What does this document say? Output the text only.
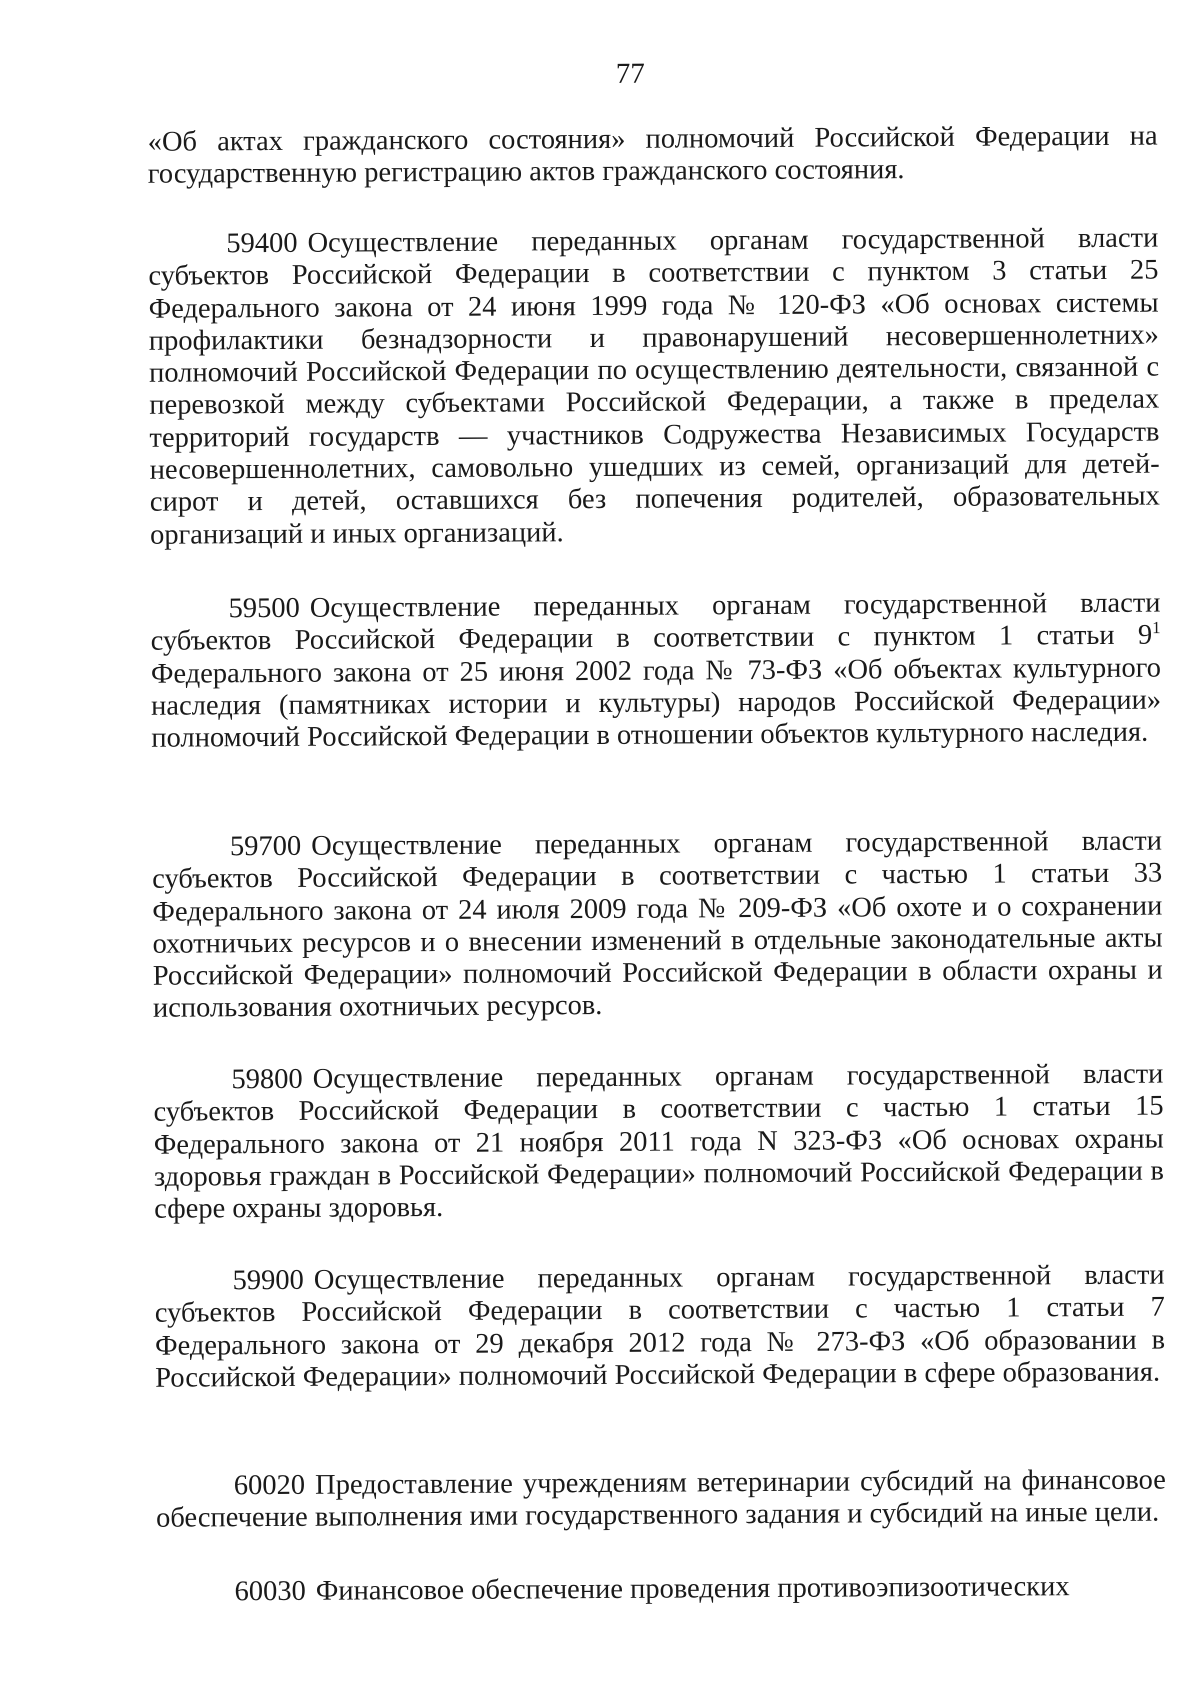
77

«Об актах гражданского состояния» полномочий Российской Федерации на государственную регистрацию актов гражданского состояния.

59400 Осуществление переданных органам государственной власти субъектов Российской Федерации в соответствии с пунктом 3 статьи 25 Федерального закона от 24 июня 1999 года № 120-ФЗ «Об основах системы профилактики безнадзорности и правонарушений несовершеннолетних» полномочий Российской Федерации по осуществлению деятельности, связанной с перевозкой между субъектами Российской Федерации, а также в пределах территорий государств — участников Содружества Независимых Государств несовершеннолетних, самовольно ушедших из семей, организаций для детей-сирот и детей, оставшихся без попечения родителей, образовательных организаций и иных организаций.

59500 Осуществление переданных органам государственной власти субъектов Российской Федерации в соответствии с пунктом 1 статьи $9^1$ Федерального закона от 25 июня 2002 года № 73-ФЗ «Об объектах культурного наследия (памятниках истории и культуры) народов Российской Федерации» полномочий Российской Федерации в отношении объектов культурного наследия.

59700 Осуществление переданных органам государственной власти субъектов Российской Федерации в соответствии с частью 1 статьи 33 Федерального закона от 24 июля 2009 года № 209-ФЗ «Об охоте и о сохранении охотничьих ресурсов и о внесении изменений в отдельные законодательные акты Российской Федерации» полномочий Российской Федерации в области охраны и использования охотничьих ресурсов.

59800 Осуществление переданных органам государственной власти субъектов Российской Федерации в соответствии с частью 1 статьи 15 Федерального закона от 21 ноября 2011 года N 323-ФЗ «Об основах охраны здоровья граждан в Российской Федерации» полномочий Российской Федерации в сфере охраны здоровья.

59900 Осуществление переданных органам государственной власти субъектов Российской Федерации в соответствии с частью 1 статьи 7 Федерального закона от 29 декабря 2012 года № 273-ФЗ «Об образовании в Российской Федерации» полномочий Российской Федерации в сфере образования.

60020 Предоставление учреждениям ветеринарии субсидий на финансовое обеспечение выполнения ими государственного задания и субсидий на иные цели.

60030 Финансовое обеспечение проведения противоэпизоотических
